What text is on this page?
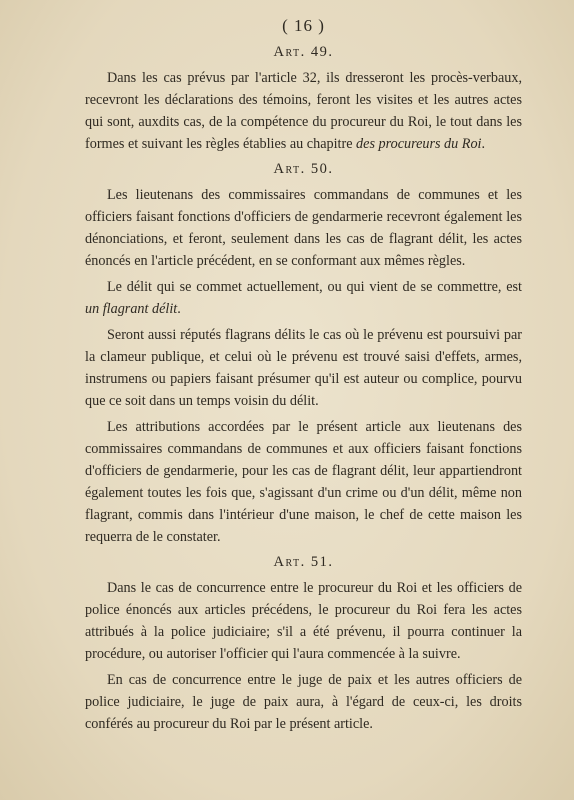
( 16 )
Art. 49.

Dans les cas prévus par l'article 32, ils dresseront les procès-verbaux, recevront les déclarations des témoins, feront les visites et les autres actes qui sont, auxdits cas, de la compétence du procureur du Roi, le tout dans les formes et suivant les règles établies au chapitre des procureurs du Roi.

Art. 50.

Les lieutenans des commissaires commandans de communes et les officiers faisant fonctions d'officiers de gendarmerie recevront également les dénonciations, et feront, seulement dans les cas de flagrant délit, les actes énoncés en l'article précédent, en se conformant aux mêmes règles.

Le délit qui se commet actuellement, ou qui vient de se commettre, est un flagrant délit.

Seront aussi réputés flagrans délits le cas où le prévenu est poursuivi par la clameur publique, et celui où le prévenu est trouvé saisi d'effets, armes, instrumens ou papiers faisant présumer qu'il est auteur ou complice, pourvu que ce soit dans un temps voisin du délit.

Les attributions accordées par le présent article aux lieutenans des commissaires commandans de communes et aux officiers faisant fonctions d'officiers de gendarmerie, pour les cas de flagrant délit, leur appartiendront également toutes les fois que, s'agissant d'un crime ou d'un délit, même non flagrant, commis dans l'intérieur d'une maison, le chef de cette maison les requerra de le constater.

Art. 51.

Dans le cas de concurrence entre le procureur du Roi et les officiers de police énoncés aux articles précédens, le procureur du Roi fera les actes attribués à la police judiciaire; s'il a été prévenu, il pourra continuer la procédure, ou autoriser l'officier qui l'aura commencée à la suivre.

En cas de concurrence entre le juge de paix et les autres officiers de police judiciaire, le juge de paix aura, à l'égard de ceux-ci, les droits conférés au procureur du Roi par le présent article.
